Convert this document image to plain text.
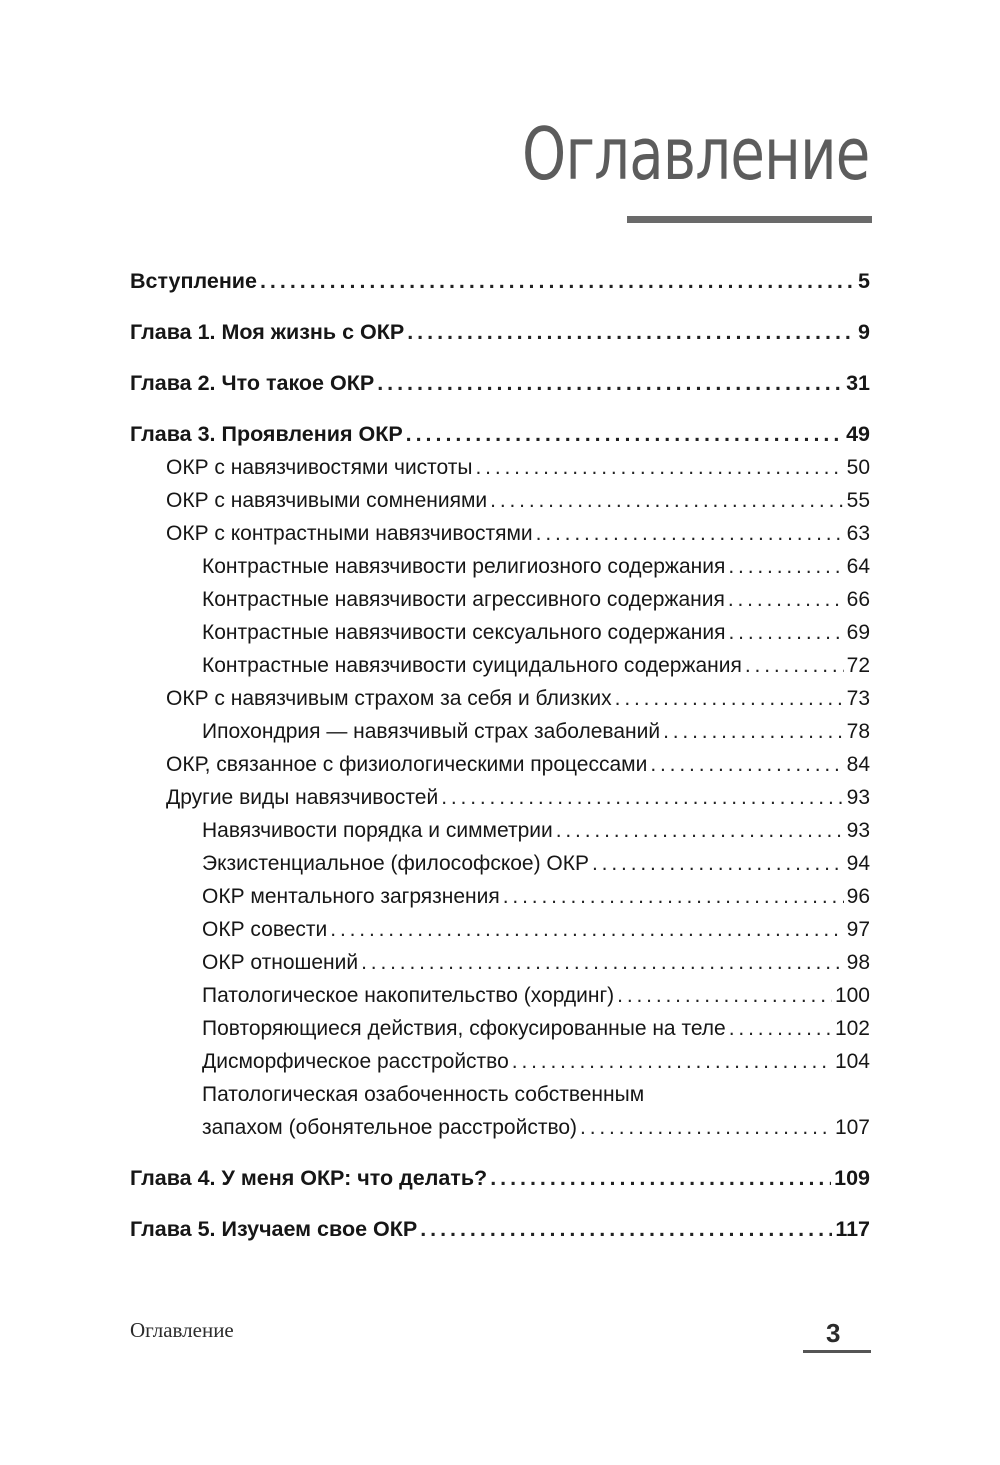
Оглавление
Вступление . . .	5
Глава 1. Моя жизнь с ОКР . . .	9
Глава 2. Что такое ОКР . . .	31
Глава 3. Проявления ОКР . . .	49
ОКР с навязчивостями чистоты . . .	50
ОКР с навязчивыми сомнениями . . .	55
ОКР с контрастными навязчивостями . . .	63
Контрастные навязчивости религиозного содержания . . .	64
Контрастные навязчивости агрессивного содержания . . .	66
Контрастные навязчивости сексуального содержания . . .	69
Контрастные навязчивости суицидального содержания . . .	72
ОКР с навязчивым страхом за себя и близких . . .	73
Ипохондрия — навязчивый страх заболеваний . . .	78
ОКР, связанное с физиологическими процессами . . .	84
Другие виды навязчивостей . . .	93
Навязчивости порядка и симметрии . . .	93
Экзистенциальное (философское) ОКР . . .	94
ОКР ментального загрязнения . . .	96
ОКР совести . . .	97
ОКР отношений . . .	98
Патологическое накопительство (хординг) . . .	100
Повторяющиеся действия, сфокусированные на теле . . .	102
Дисморфическое расстройство . . .	104
Патологическая озабоченность собственным
запахом (обонятельное расстройство) . . .	107
Глава 4. У меня ОКР: что делать? . . .	109
Глава 5. Изучаем свое ОКР . . .	117
Оглавление	3
